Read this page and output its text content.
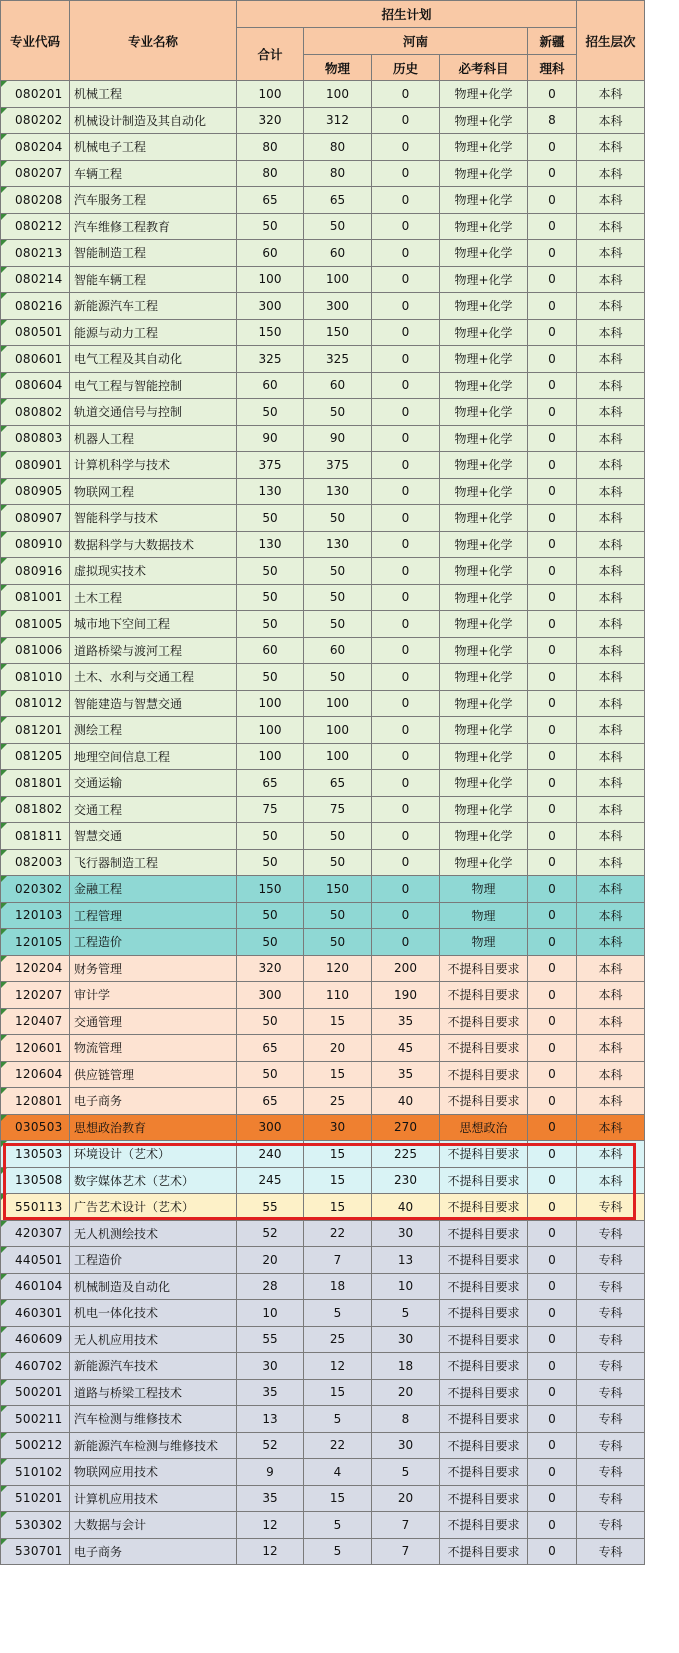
专业代码	专业名称	招生计划					招生层次
		合计	河南			新疆	
			物理	历史	必考科目	理科	
080201	机械工程	100	100	0	物理+化学	0	本科
080202	机械设计制造及其自动化	320	312	0	物理+化学	8	本科
080204	机械电子工程	80	80	0	物理+化学	0	本科
080207	车辆工程	80	80	0	物理+化学	0	本科
080208	汽车服务工程	65	65	0	物理+化学	0	本科
080212	汽车维修工程教育	50	50	0	物理+化学	0	本科
080213	智能制造工程	60	60	0	物理+化学	0	本科
080214	智能车辆工程	100	100	0	物理+化学	0	本科
080216	新能源汽车工程	300	300	0	物理+化学	0	本科
080501	能源与动力工程	150	150	0	物理+化学	0	本科
080601	电气工程及其自动化	325	325	0	物理+化学	0	本科
080604	电气工程与智能控制	60	60	0	物理+化学	0	本科
080802	轨道交通信号与控制	50	50	0	物理+化学	0	本科
080803	机器人工程	90	90	0	物理+化学	0	本科
080901	计算机科学与技术	375	375	0	物理+化学	0	本科
080905	物联网工程	130	130	0	物理+化学	0	本科
080907	智能科学与技术	50	50	0	物理+化学	0	本科
080910	数据科学与大数据技术	130	130	0	物理+化学	0	本科
080916	虚拟现实技术	50	50	0	物理+化学	0	本科
081001	土木工程	50	50	0	物理+化学	0	本科
081005	城市地下空间工程	50	50	0	物理+化学	0	本科
081006	道路桥梁与渡河工程	60	60	0	物理+化学	0	本科
081010	土木、水利与交通工程	50	50	0	物理+化学	0	本科
081012	智能建造与智慧交通	100	100	0	物理+化学	0	本科
081201	测绘工程	100	100	0	物理+化学	0	本科
081205	地理空间信息工程	100	100	0	物理+化学	0	本科
081801	交通运输	65	65	0	物理+化学	0	本科
081802	交通工程	75	75	0	物理+化学	0	本科
081811	智慧交通	50	50	0	物理+化学	0	本科
082003	飞行器制造工程	50	50	0	物理+化学	0	本科
020302	金融工程	150	150	0	物理	0	本科
120103	工程管理	50	50	0	物理	0	本科
120105	工程造价	50	50	0	物理	0	本科
120204	财务管理	320	120	200	不提科目要求	0	本科
120207	审计学	300	110	190	不提科目要求	0	本科
120407	交通管理	50	15	35	不提科目要求	0	本科
120601	物流管理	65	20	45	不提科目要求	0	本科
120604	供应链管理	50	15	35	不提科目要求	0	本科
120801	电子商务	65	25	40	不提科目要求	0	本科
030503	思想政治教育	300	30	270	思想政治	0	本科
130503	环境设计（艺术）	240	15	225	不提科目要求	0	本科
130508	数字媒体艺术（艺术）	245	15	230	不提科目要求	0	本科
550113	广告艺术设计（艺术）	55	15	40	不提科目要求	0	专科
420307	无人机测绘技术	52	22	30	不提科目要求	0	专科
440501	工程造价	20	7	13	不提科目要求	0	专科
460104	机械制造及自动化	28	18	10	不提科目要求	0	专科
460301	机电一体化技术	10	5	5	不提科目要求	0	专科
460609	无人机应用技术	55	25	30	不提科目要求	0	专科
460702	新能源汽车技术	30	12	18	不提科目要求	0	专科
500201	道路与桥梁工程技术	35	15	20	不提科目要求	0	专科
500211	汽车检测与维修技术	13	5	8	不提科目要求	0	专科
500212	新能源汽车检测与维修技术	52	22	30	不提科目要求	0	专科
510102	物联网应用技术	9	4	5	不提科目要求	0	专科
510201	计算机应用技术	35	15	20	不提科目要求	0	专科
530302	大数据与会计	12	5	7	不提科目要求	0	专科
530701	电子商务	12	5	7	不提科目要求	0	专科
